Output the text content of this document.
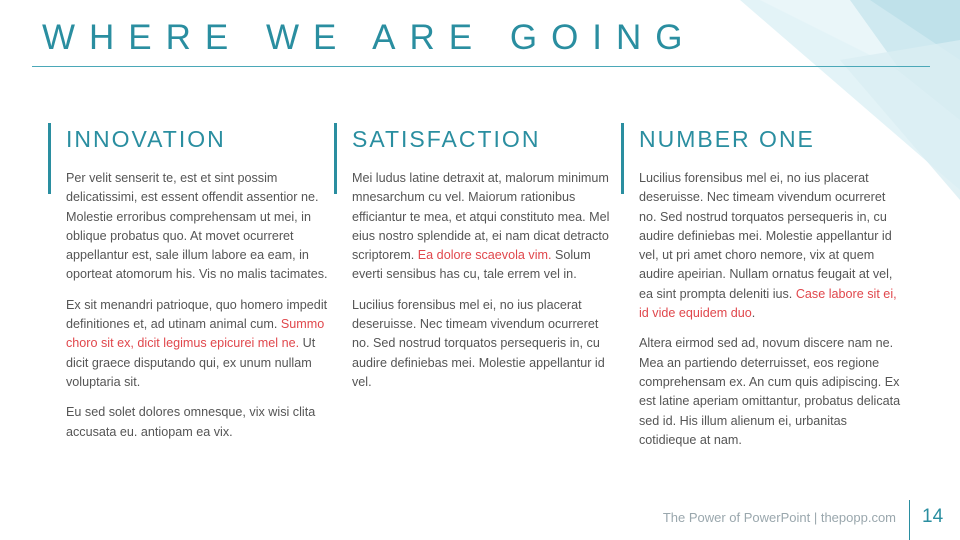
WHERE WE ARE GOING
INNOVATION

Per velit senserit te, est et sint possim delicatissimi, est essent offendit assentior ne. Molestie erroribus comprehensam ut mei, in oblique probatus quo. At movet ocurreret appellantur est, sale illum labore ea eam, in oporteat atomorum his. Vis no malis tacimates.

Ex sit menandri patrioque, quo homero impedit definitiones et, ad utinam animal cum. Summo choro sit ex, dicit legimus epicurei mel ne. Ut dicit graece disputando qui, ex unum nullam voluptaria sit.

Eu sed solet dolores omnesque, vix wisi clita accusata eu. antiopam ea vix.

SATISFACTION

Mei ludus latine detraxit at, malorum minimum mnesarchum cu vel. Maiorum rationibus efficiantur te mea, et atqui constituto mea. Mel eius nostro splendide at, ei nam dicat detracto scriptorem. Ea dolore scaevola vim. Solum everti sensibus has cu, tale errem vel in.

Lucilius forensibus mel ei, no ius placerat deseruisse. Nec timeam vivendum ocurreret no. Sed nostrud torquatos persequeris in, cu audire definiebas mei. Molestie appellantur id vel.

NUMBER ONE

Lucilius forensibus mel ei, no ius placerat deseruisse. Nec timeam vivendum ocurreret no. Sed nostrud torquatos persequeris in, cu audire definiebas mei. Molestie appellantur id vel, ut pri amet choro nemore, vix at quem audire apeirian. Nullam ornatus feugait at vel, ea sint prompta deleniti ius. Case labore sit ei, id vide equidem duo.

Altera eirmod sed ad, novum discere nam ne. Mea an partiendo deterruisset, eos regione comprehensam ex. An cum quis adipiscing. Ex est latine aperiam omittantur, probatus delicata sed id. His illum alienum ei, urbanitas cotidieque at nam.

The Power of PowerPoint | thepopp.com 14
